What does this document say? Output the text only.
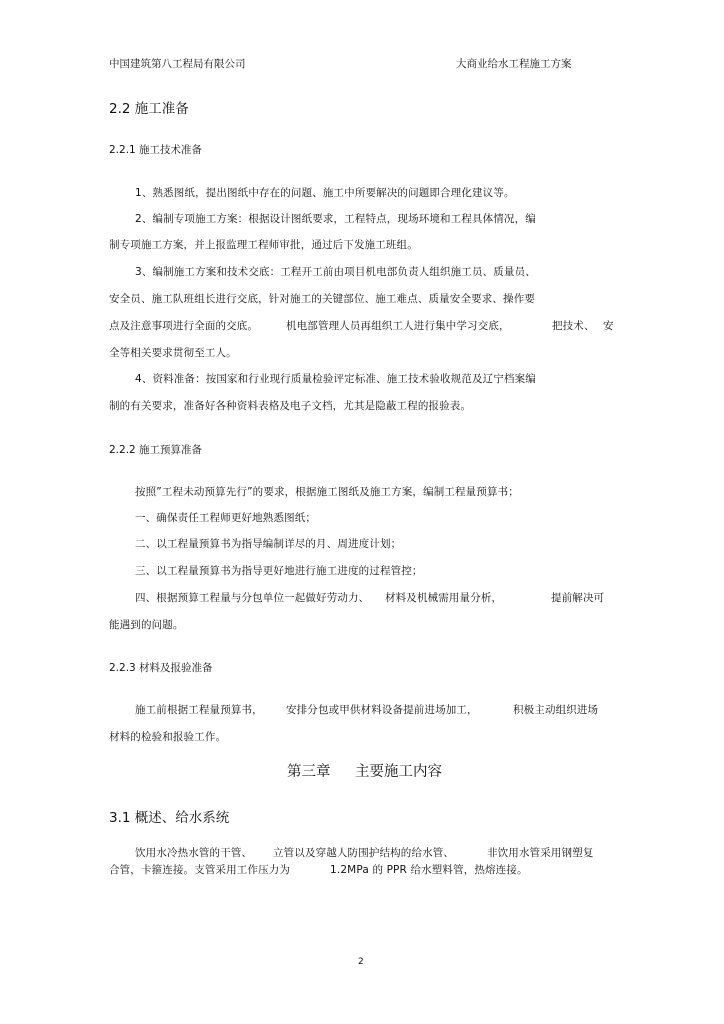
中国建筑第八工程局有限公司	大商业给水工程施工方案
2.2 施工准备
2.2.1 施工技术准备
1、熟悉图纸，提出图纸中存在的问题、施工中所要解决的问题即合理化建议等。
2、编制专项施工方案：根据设计图纸要求，工程特点，现场环境和工程具体情况，编
制专项施工方案，并上报监理工程师审批，通过后下发施工班组。
3、编制施工方案和技术交底：工程开工前由项目机电部负责人组织施工员、质量员、
安全员、施工队班组长进行交底，针对施工的关键部位、施工难点、质量安全要求、操作要
点及注意事项进行全面的交底。	机电部管理人员再组织工人进行集中学习交底，	把技术、 安
全等相关要求贯彻至工人。
4、资料准备：按国家和行业现行质量检验评定标准、施工技术验收规范及辽宁档案编
制的有关要求，准备好各种资料表格及电子文档，尤其是隐蔽工程的报验表。
2.2.2 施工预算准备
按照”工程未动预算先行”的要求，根据施工图纸及施工方案，编制工程量预算书；
一、确保责任工程师更好地熟悉图纸；
二、以工程量预算书为指导编制详尽的月、周进度计划；
三、以工程量预算书为指导更好地进行施工进度的过程管控；
四、根据预算工程量与分包单位一起做好劳动力、 材料及机械需用量分析，	提前解决可
能遇到的问题。
2.2.3 材料及报验准备
施工前根据工程量预算书， 安排分包或甲供材料设备提前进场加工，	积极主动组织进场
材料的检验和报验工作。
第三章 主要施工内容
3.1 概述、给水系统
饮用水冷热水管的干管、 立管以及穿越人防围护结构的给水管、	非饮用水管采用钢塑复
合管，卡箍连接。支管采用工作压力为	1.2MPa 的 PPR 给水塑料管，热熔连接。
2
